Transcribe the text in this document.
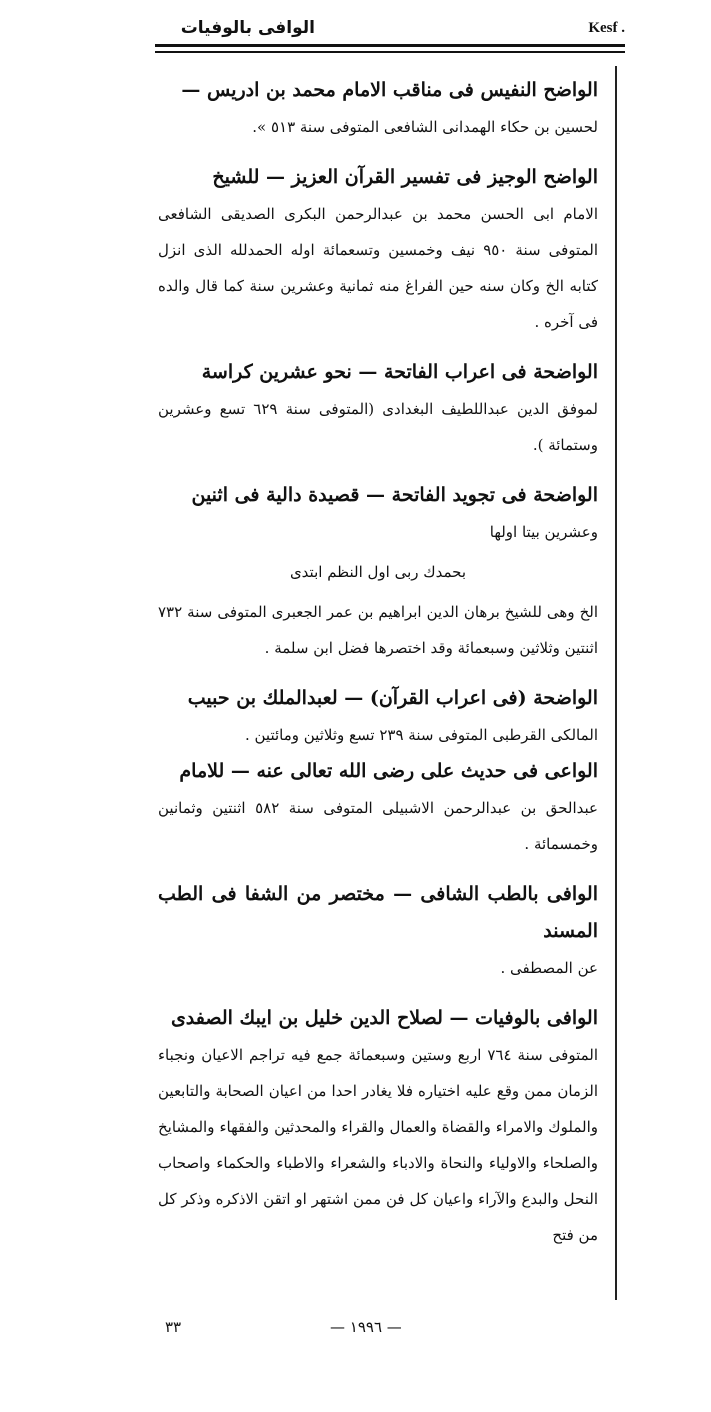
الوافى بالوفيات	Kesf .

الواضح النفيس فى مناقب الامام محمد بن ادريس —

لحسين بن حكاء الهمدانى الشافعى المتوفى سنة ٥١٣ ».

الواضح الوجيز فى تفسير القرآن العزيز — للشيخ

الامام ابى الحسن محمد بن عبدالرحمن البكرى الصديقى الشافعى المتوفى سنة ٩٥٠ نيف وخمسين وتسعمائة اوله الحمدلله الذى انزل كتابه الخ وكان سنه حين الفراغ منه ثمانية وعشرين سنة كما قال والده فى آخره .

الواضحة فى اعراب الفاتحة — نحو عشرين كراسة

لموفق الدين عبداللطيف البغدادى (المتوفى سنة ٦٢٩ تسع وعشرين وستمائة ).

الواضحة فى تجويد الفاتحة — قصيدة دالية فى اثنين

وعشرين بيتا اولها

بحمدك ربى اول النظم ابتدى

الخ وهى للشيخ برهان الدين ابراهيم بن عمر الجعبرى المتوفى سنة ٧٣٢ اثنتين وثلاثين وسبعمائة وقد اختصرها فضل ابن سلمة .

الواضحة (فى اعراب القرآن) — لعبدالملك بن حبيب

المالكى القرطبى المتوفى سنة ٢٣٩ تسع وثلاثين ومائتين .

الواعى فى حديث على رضى الله تعالى عنه — للامام

عبدالحق بن عبدالرحمن الاشبيلى المتوفى سنة ٥٨٢ اثنتين وثمانين وخمسمائة .

الوافى بالطب الشافى — مختصر من الشفا فى الطب المسند

عن المصطفى .

الوافى بالوفيات — لصلاح الدين خليل بن ايبك الصفدى

المتوفى سنة ٧٦٤ اربع وستين وسبعمائة جمع فيه تراجم الاعيان ونجباء الزمان ممن وقع عليه اختياره فلا يغادر احدا من اعيان الصحابة والتابعين والملوك والامراء والقضاة والعمال والقراء والمحدثين والفقهاء والمشايخ والصلحاء والاولياء والنحاة والادباء والشعراء والاطباء والحكماء واصحاب النحل والبدع والآراء واعيان كل فن ممن اشتهر او اتقن الاذكره وذكر كل من فتح

٣٣	— ١٩٩٦ —
